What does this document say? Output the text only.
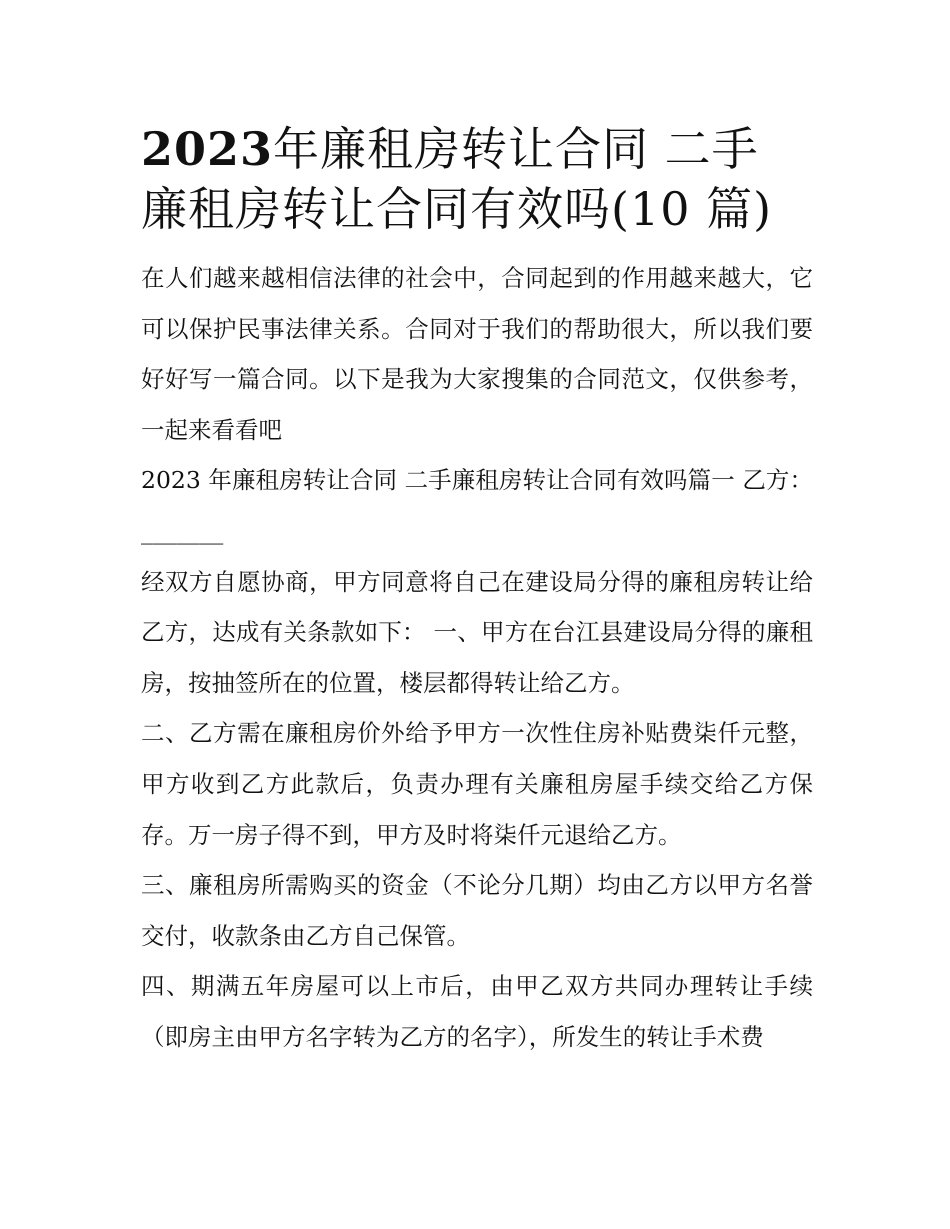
2023年廉租房转让合同 二手
廉租房转让合同有效吗(10 篇)

在人们越来越相信法律的社会中，合同起到的作用越来越大，它可以保护民事法律关系。合同对于我们的帮助很大，所以我们要好好写一篇合同。以下是我为大家搜集的合同范文，仅供参考，一起来看看吧

2023 年廉租房转让合同 二手廉租房转让合同有效吗篇一 乙方：_______

经双方自愿协商，甲方同意将自己在建设局分得的廉租房转让给乙方，达成有关条款如下： 一、甲方在台江县建设局分得的廉租房，按抽签所在的位置，楼层都得转让给乙方。

二、乙方需在廉租房价外给予甲方一次性住房补贴费柒仟元整，甲方收到乙方此款后，负责办理有关廉租房屋手续交给乙方保存。万一房子得不到，甲方及时将柒仟元退给乙方。

三、廉租房所需购买的资金（不论分几期）均由乙方以甲方名誉交付，收款条由乙方自己保管。

四、期满五年房屋可以上市后，由甲乙双方共同办理转让手续（即房主由甲方名字转为乙方的名字），所发生的转让手术费
